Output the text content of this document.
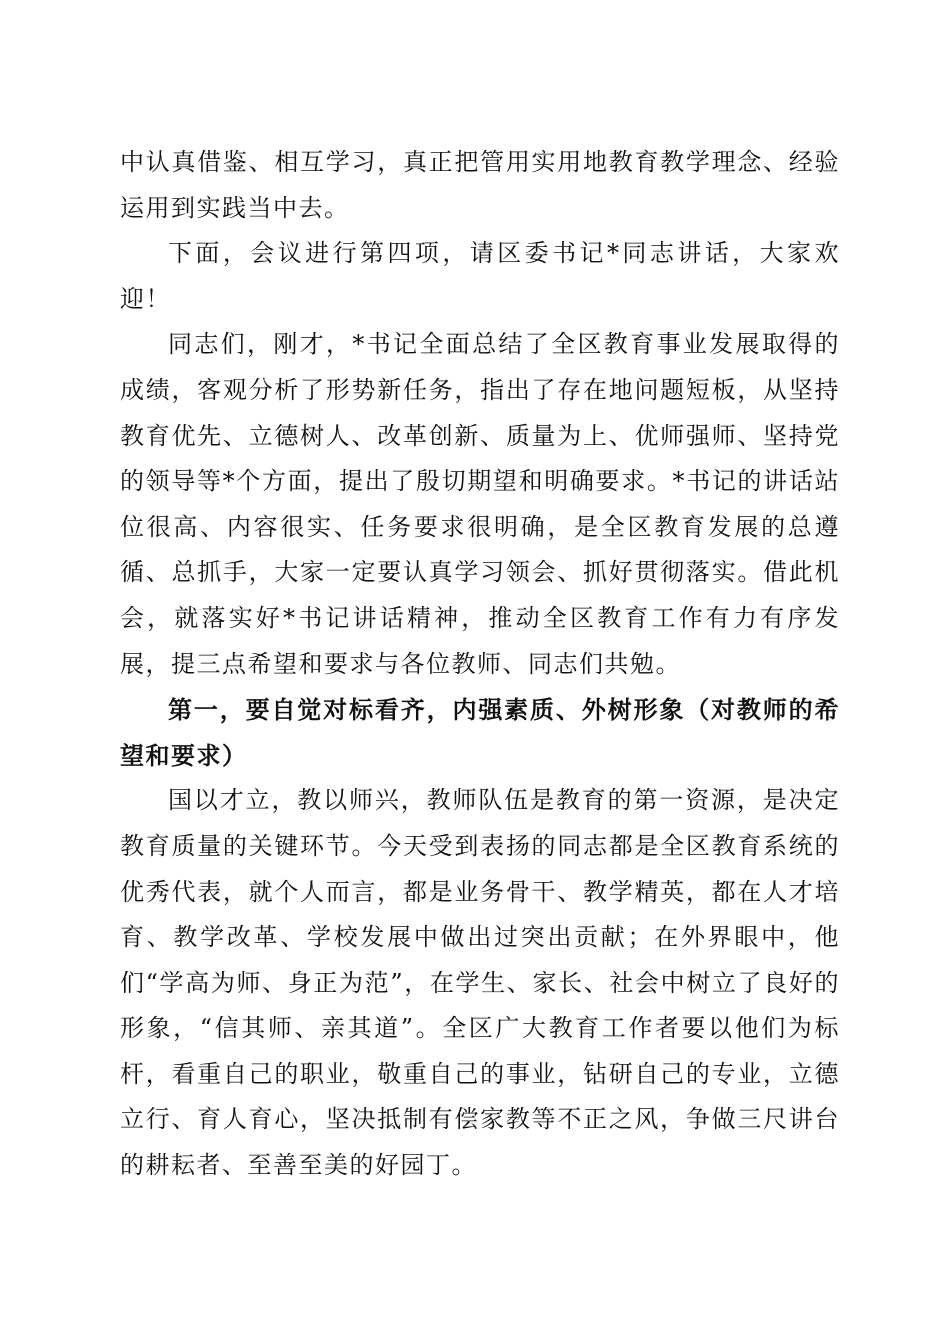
中认真借鉴、相互学习，真正把管用实用地教育教学理念、经验运用到实践当中去。

下面，会议进行第四项，请区委书记*同志讲话，大家欢迎！

同志们，刚才，*书记全面总结了全区教育事业发展取得的成绩，客观分析了形势新任务，指出了存在地问题短板，从坚持教育优先、立德树人、改革创新、质量为上、优师强师、坚持党的领导等*个方面，提出了殷切期望和明确要求。*书记的讲话站位很高、内容很实、任务要求很明确，是全区教育发展的总遵循、总抓手，大家一定要认真学习领会、抓好贯彻落实。借此机会，就落实好*书记讲话精神，推动全区教育工作有力有序发展，提三点希望和要求与各位教师、同志们共勉。

第一，要自觉对标看齐，内强素质、外树形象（对教师的希望和要求）

国以才立，教以师兴，教师队伍是教育的第一资源，是决定教育质量的关键环节。今天受到表扬的同志都是全区教育系统的优秀代表，就个人而言，都是业务骨干、教学精英，都在人才培育、教学改革、学校发展中做出过突出贡献；在外界眼中，他们“学高为师、身正为范”，在学生、家长、社会中树立了良好的形象，“信其师、亲其道”。全区广大教育工作者要以他们为标杆，看重自己的职业，敬重自己的事业，钻研自己的专业，立德立行、育人育心，坚决抵制有偿家教等不正之风，争做三尺讲台的耕耘者、至善至美的好园丁。
